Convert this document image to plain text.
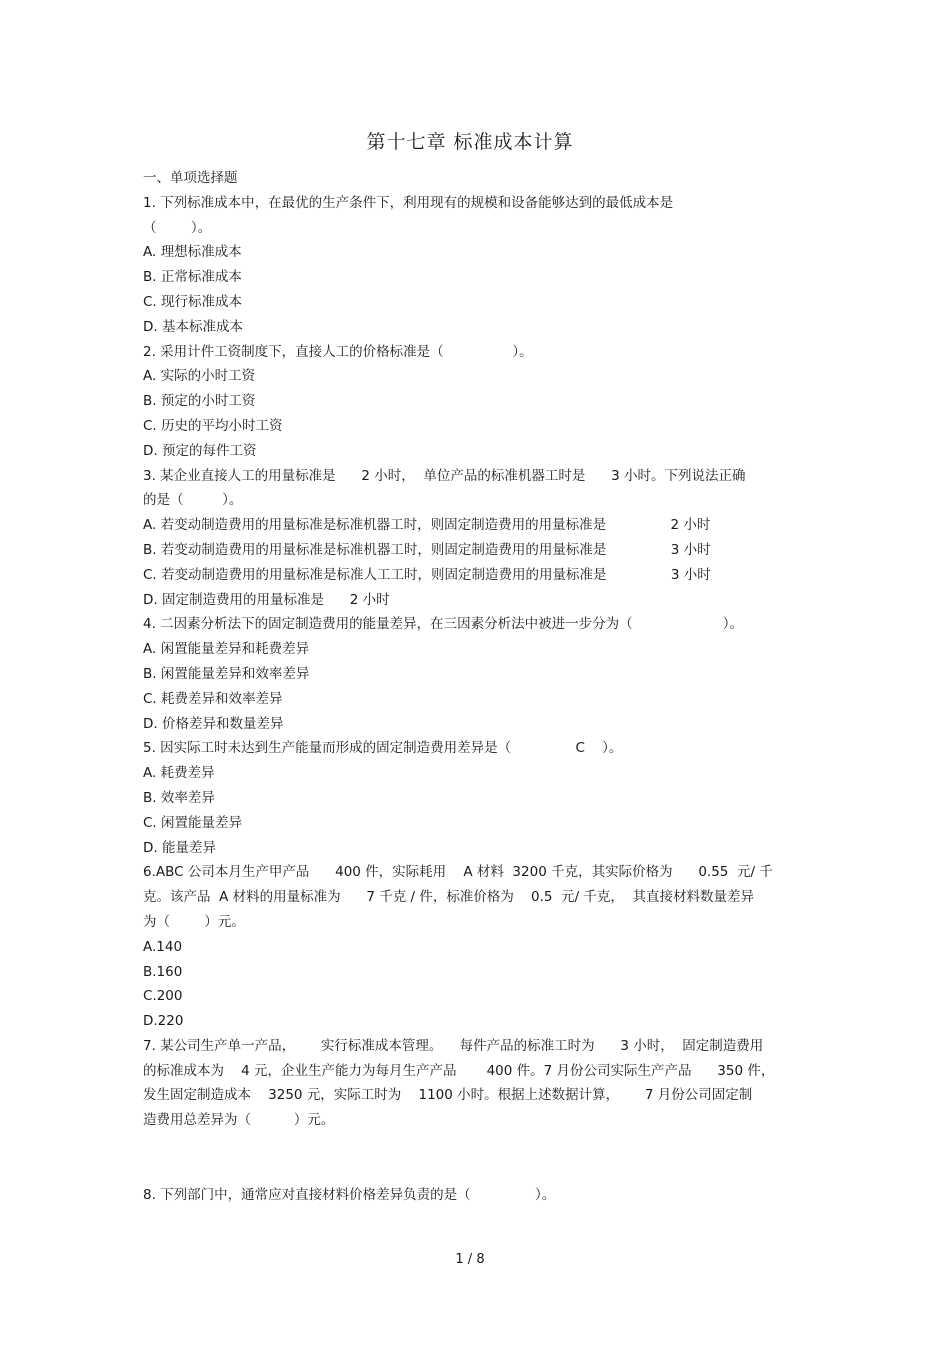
第十七章 标准成本计算
一、单项选择题
1. 下列标准成本中，在最优的生产条件下，利用现有的规模和设备能够达到的最低成本是
（        ）。
A. 理想标准成本
B. 正常标准成本
C. 现行标准成本
D. 基本标准成本
2. 采用计件工资制度下，直接人工的价格标准是（                ）。
A. 实际的小时工资
B. 预定的小时工资
C. 历史的平均小时工资
D. 预定的每件工资
3. 某企业直接人工的用量标准是      2 小时，  单位产品的标准机器工时是      3 小时。下列说法正确
的是（         ）。
A. 若变动制造费用的用量标准是标准机器工时，则固定制造费用的用量标准是               2 小时
B. 若变动制造费用的用量标准是标准机器工时，则固定制造费用的用量标准是               3 小时
C. 若变动制造费用的用量标准是标准人工工时，则固定制造费用的用量标准是               3 小时
D. 固定制造费用的用量标准是      2 小时
4. 二因素分析法下的固定制造费用的能量差异，在三因素分析法中被进一步分为（                     ）。
A. 闲置能量差异和耗费差异
B. 闲置能量差异和效率差异
C. 耗费差异和效率差异
D. 价格差异和数量差异
5. 因实际工时未达到生产能量而形成的固定制造费用差异是（               C    ）。
A. 耗费差异
B. 效率差异
C. 闲置能量差异
D. 能量差异
6.ABC 公司本月生产甲产品      400 件，实际耗用    A 材料  3200 千克，其实际价格为      0.55  元/ 千
克。该产品  A 材料的用量标准为      7 千克 / 件，标准价格为    0.5  元/ 千克，  其直接材料数量差异
为（        ）元。
A.140
B.160
C.200
D.220
7. 某公司生产单一产品，      实行标准成本管理。    每件产品的标准工时为      3 小时，  固定制造费用
的标准成本为    4 元，企业生产能力为每月生产产品       400 件。7 月份公司实际生产产品      350 件，
发生固定制造成本    3250 元，实际工时为    1100 小时。根据上述数据计算，      7 月份公司固定制
造费用总差异为（          ）元。

8. 下列部门中，通常应对直接材料价格差异负责的是（               ）。
1 / 8
